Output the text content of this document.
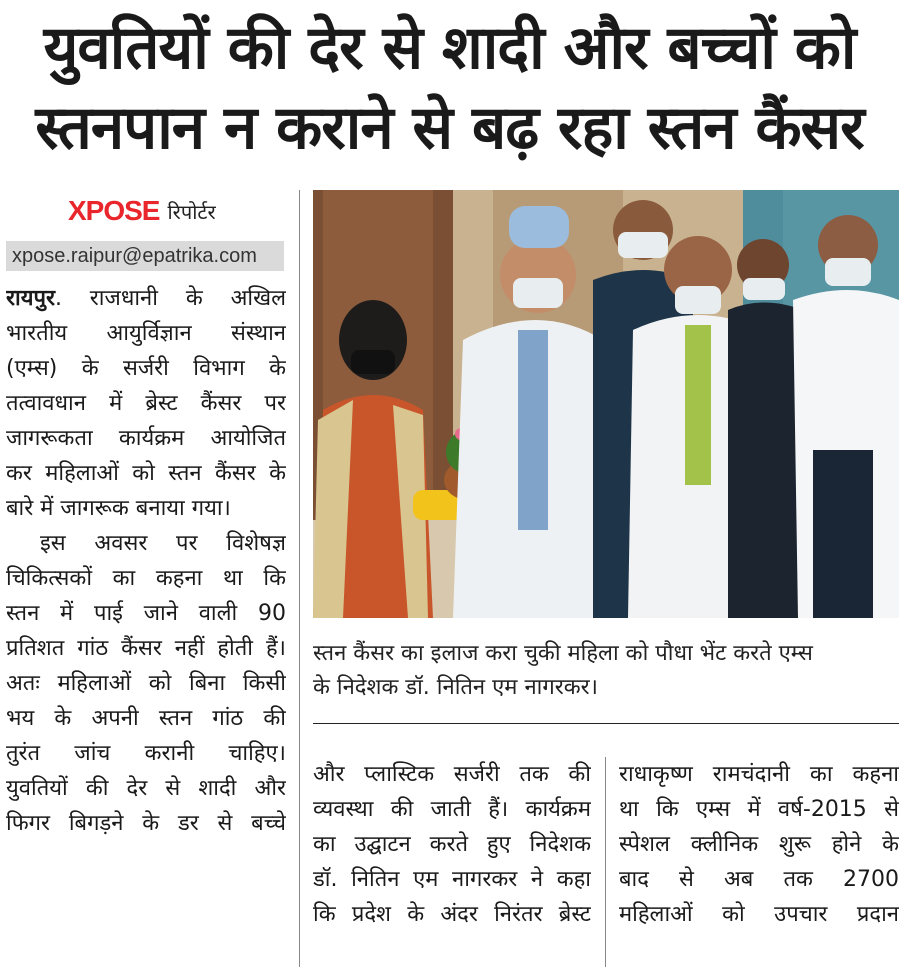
युवतियों की देर से शादी और बच्चों को
स्तनपान न कराने से बढ़ रहा स्तन कैंसर
XPOSE रिपोर्टर
xpose.raipur@epatrika.com

रायपुर. राजधानी के अखिल

भारतीय आयुर्विज्ञान संस्थान

(एम्स) के सर्जरी विभाग के

तत्वावधान में ब्रेस्ट कैंसर पर

जागरूकता कार्यक्रम आयोजित

कर महिलाओं को स्तन कैंसर के

बारे में जागरूक बनाया गया।

इस अवसर पर विशेषज्ञ

चिकित्सकों का कहना था कि

स्तन में पाई जाने वाली 90

प्रतिशत गांठ कैंसर नहीं होती हैं।

अतः महिलाओं को बिना किसी

भय के अपनी स्तन गांठ की

तुरंत जांच करानी चाहिए।

युवतियों की देर से शादी और

फिगर बिगड़ने के डर से बच्चे

स्तन कैंसर का इलाज करा चुकी महिला को पौधा भेंट करते एम्स
के निदेशक डॉ. नितिन एम नागरकर।

और प्लास्टिक सर्जरी तक की

व्यवस्था की जाती हैं। कार्यक्रम

का उद्घाटन करते हुए निदेशक

डॉ. नितिन एम नागरकर ने कहा

कि प्रदेश के अंदर निरंतर ब्रेस्ट

राधाकृष्ण रामचंदानी का कहना

था कि एम्स में वर्ष-2015 से

स्पेशल क्लीनिक शुरू होने के

बाद से अब तक 2700

महिलाओं को उपचार प्रदान
